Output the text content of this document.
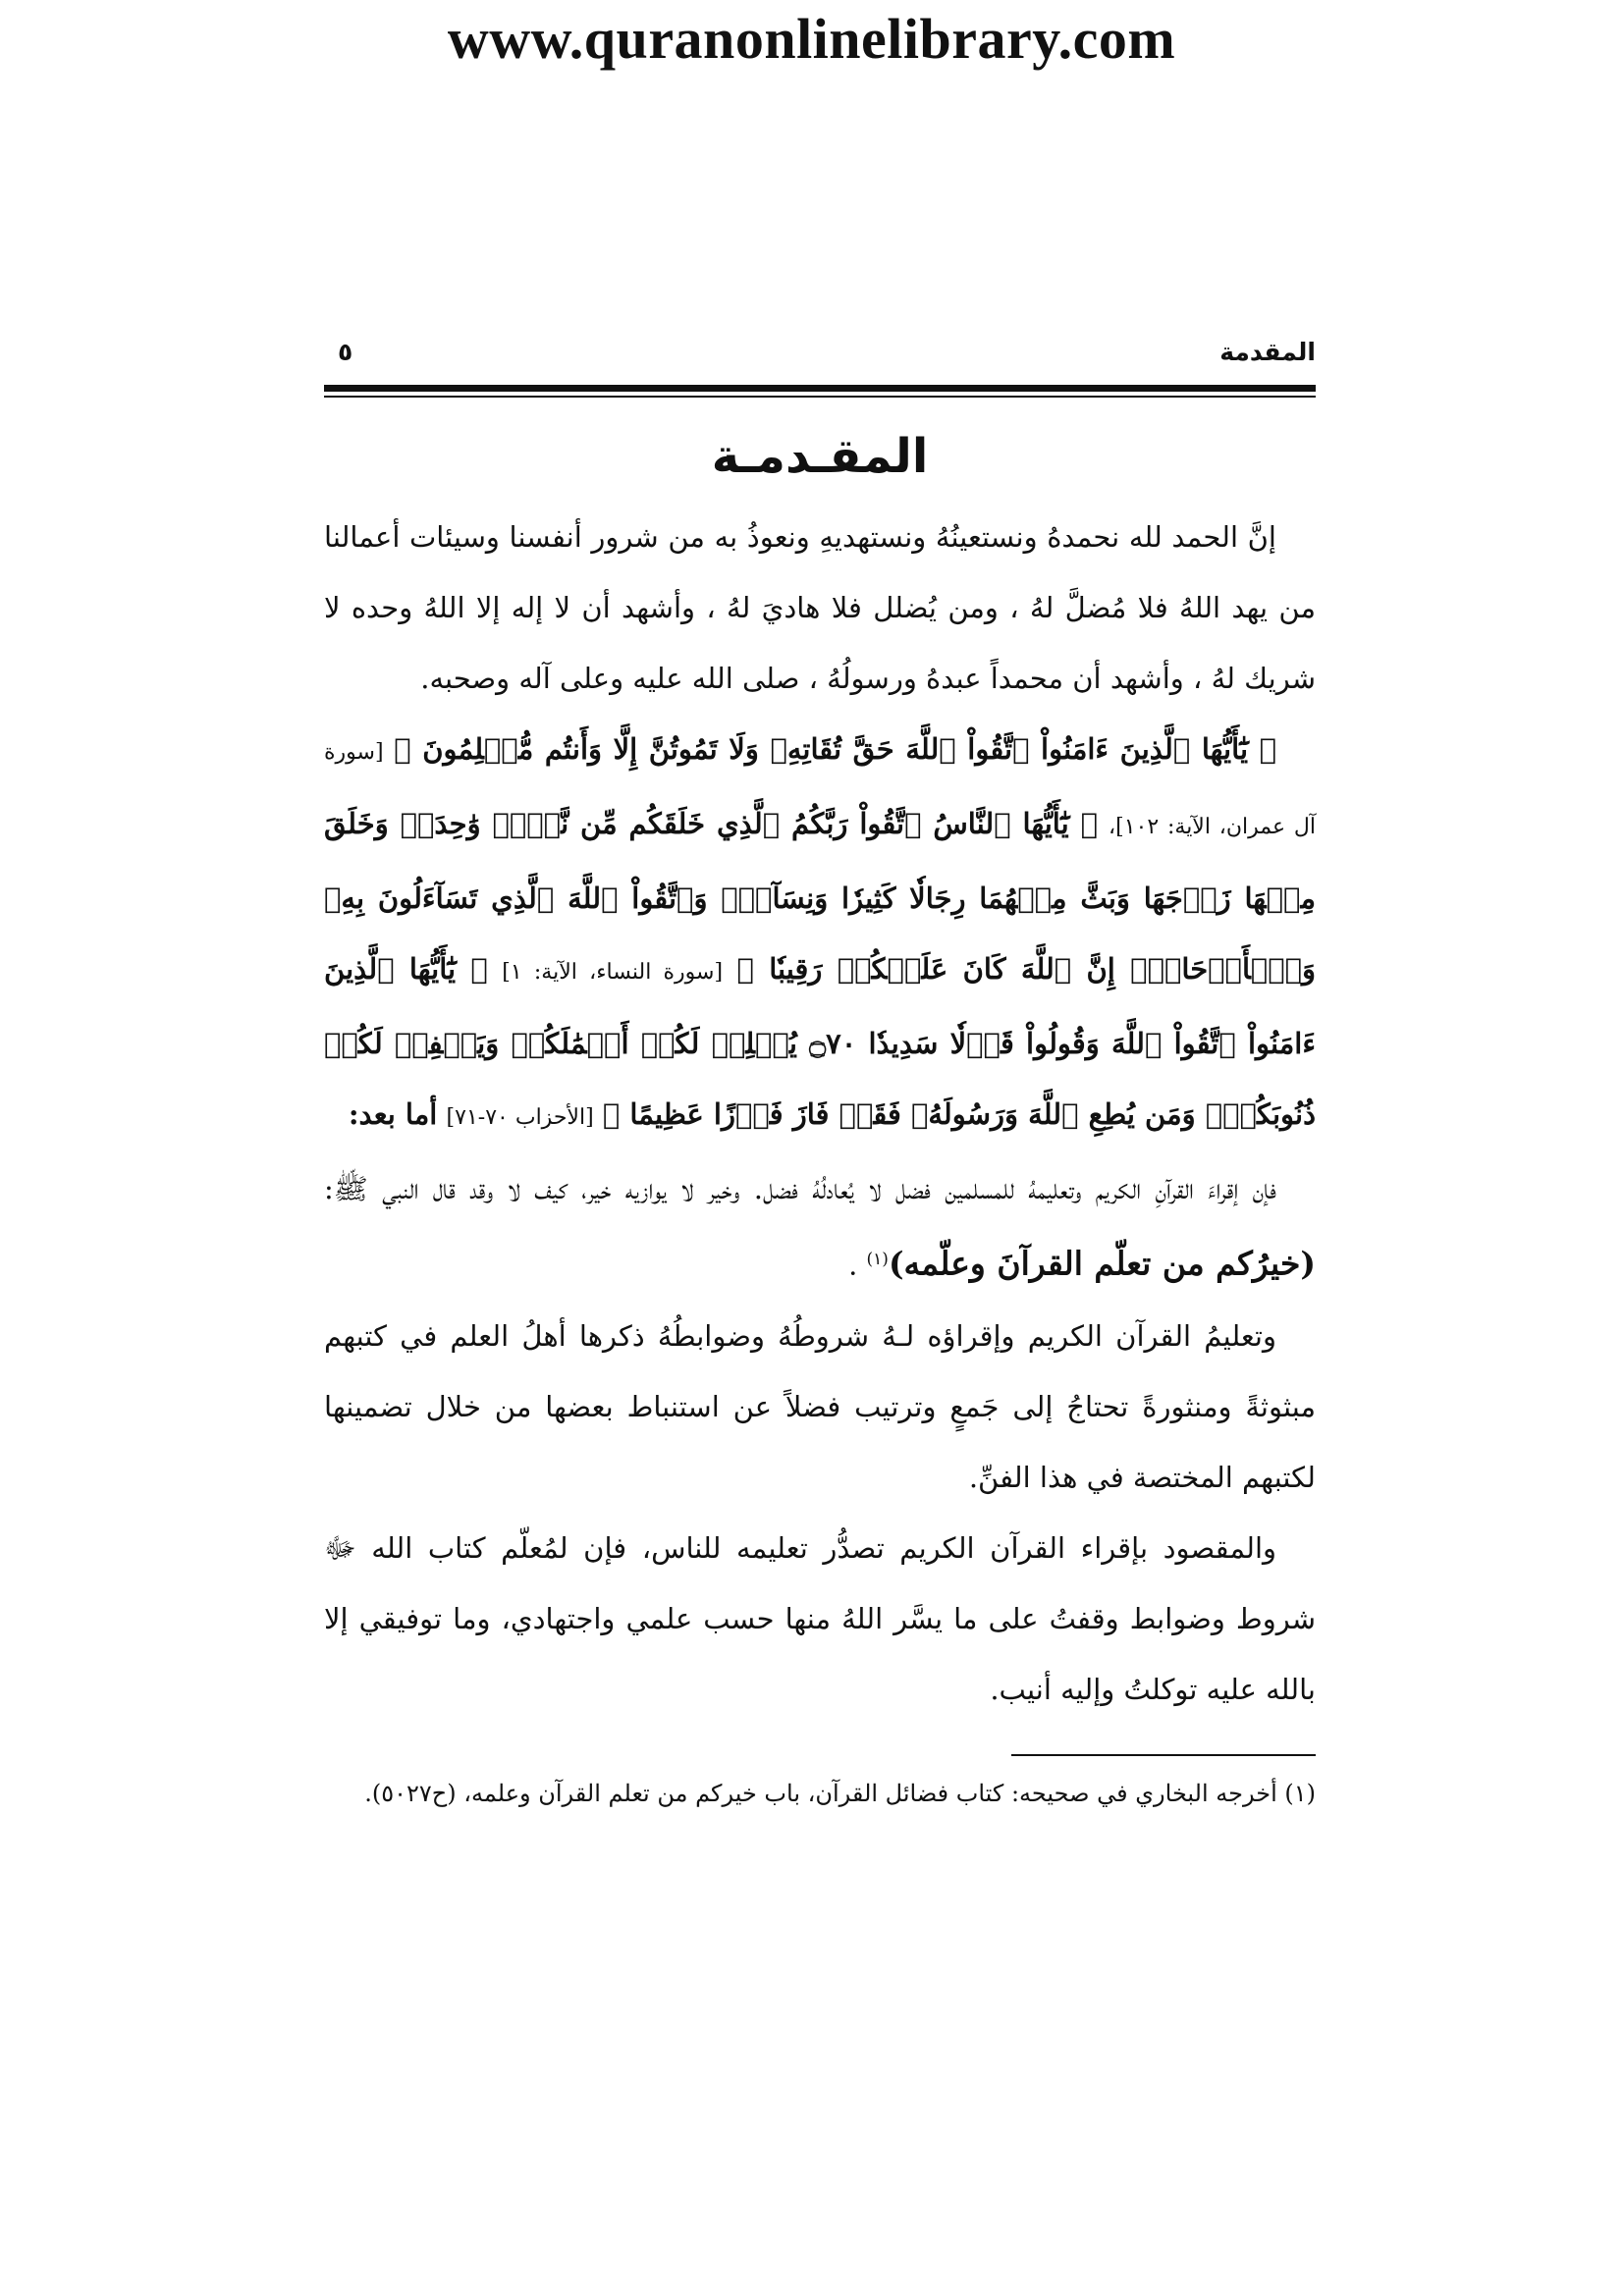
www.quranonlinelibrary.com
المقدمة
٥
المقـدمـة

إنَّ الحمد لله نحمدهُ ونستعينُهُ ونستهديهِ ونعوذُ به من شرور أنفسنا وسيئات أعمالنا من يهد اللهُ فلا مُضلَّ لهُ ، ومن يُضلل فلا هاديَ لهُ ، وأشهد أن لا إله إلا اللهُ وحده لا شريك لهُ ، وأشهد أن محمداً عبدهُ ورسولُهُ ، صلى الله عليه وعلى آله وصحبه.

﴿ يَٰٓأَيُّهَا ٱلَّذِينَ ءَامَنُواْ ٱتَّقُواْ ٱللَّهَ حَقَّ تُقَاتِهِۦ وَلَا تَمُوتُنَّ إِلَّا وَأَنتُم مُّسۡلِمُونَ ﴾ [سورة آل عمران، الآية: ١٠٢]، ﴿ يَٰٓأَيُّهَا ٱلنَّاسُ ٱتَّقُواْ رَبَّكُمُ ٱلَّذِي خَلَقَكُم مِّن نَّفۡسٖ وَٰحِدَةٖ وَخَلَقَ مِنۡهَا زَوۡجَهَا وَبَثَّ مِنۡهُمَا رِجَالٗا كَثِيرٗا وَنِسَآءٗۚ وَٱتَّقُواْ ٱللَّهَ ٱلَّذِي تَسَآءَلُونَ بِهِۦ وَٱلۡأَرۡحَامَۚ إِنَّ ٱللَّهَ كَانَ عَلَيۡكُمۡ رَقِيبٗا ﴾ [سورة النساء، الآية: ١] ﴿ يَٰٓأَيُّهَا ٱلَّذِينَ ءَامَنُواْ ٱتَّقُواْ ٱللَّهَ وَقُولُواْ قَوۡلٗا سَدِيدٗا ۝٧٠ يُصۡلِحۡ لَكُمۡ أَعۡمَٰلَكُمۡ وَيَغۡفِرۡ لَكُمۡ ذُنُوبَكُمۡۗ وَمَن يُطِعِ ٱللَّهَ وَرَسُولَهُۥ فَقَدۡ فَازَ فَوۡزًا عَظِيمًا ﴾ [الأحزاب ٧٠-٧١] أما بعد:

فإن إقراءَ القرآنِ الكريم وتعليمهُ للمسلمين فضل لا يُعادلُهُ فضل. وخير لا يوازيه خير، كيف لا وقد قال النبي ﷺ: (خيرُكم من تعلّم القرآنَ وعلّمه)$^{(١)}$ .

وتعليمُ القرآن الكريم وإقراؤه لـهُ شروطُهُ وضوابطُهُ ذكرها أهلُ العلم في كتبهم مبثوثةً ومنثورةً تحتاجُ إلى جَمعٍ وترتيب فضلاً عن استنباط بعضها من خلال تضمينها لكتبهم المختصة في هذا الفنِّ.

والمقصود بإقراء القرآن الكريم تصدُّر تعليمه للناس، فإن لمُعلّم كتاب الله ﷻ شروط وضوابط وقفتُ على ما يسَّر اللهُ منها حسب علمي واجتهادي، وما توفيقي إلا بالله عليه توكلتُ وإليه أنيب.

(١) أخرجه البخاري في صحيحه: كتاب فضائل القرآن، باب خيركم من تعلم القرآن وعلمه، (ح٥٠٢٧).
